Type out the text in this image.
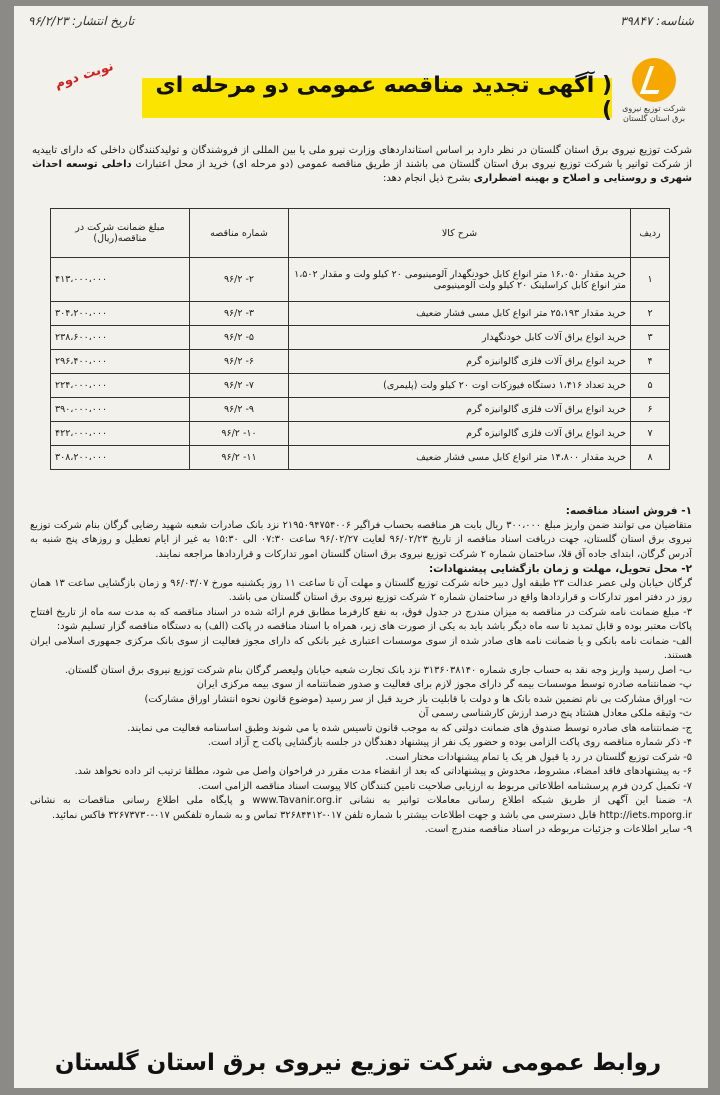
شناسه: ۳۹۸۴۷
تاریخ انتشار: ۹۶/۲/۲۳
شرکت توزیع نیروی برق استان گلستان
( آگهی تجدید مناقصه عمومی دو مرحله ای )
نوبت دوم
شرکت توزیع نیروی برق استان گلستان در نظر دارد بر اساس استانداردهای وزارت نیرو ملی یا بین المللی از فروشندگان و تولیدکنندگان داخلی که دارای تاییدیه از شرکت توانیر یا شرکت توزیع نیروی برق استان گلستان می باشند از طریق مناقصه عمومی (دو مرحله ای) خرید از محل اعتبارات داخلی توسعه احداث شهری و روستایی و اصلاح و بهینه اضطراری بشرح ذیل انجام دهد:
ردیف	شرح کالا	شماره مناقصه	مبلغ ضمانت شرکت در مناقصه(ریال)
۱	خرید مقدار ۱۶،۰۵۰ متر انواع کابل خودنگهدار آلومینیومی ۲۰ کیلو ولت و مقدار ۱،۵۰۲ متر انواع کابل کراسلینک ۲۰ کیلو ولت آلومینیومی	۲- ۹۶/۲	۴۱۳،۰۰۰،۰۰۰
۲	خرید مقدار ۲۵،۱۹۳ متر انواع کابل مسی فشار ضعیف	۳- ۹۶/۲	۳۰۴،۲۰۰،۰۰۰
۳	خرید انواع یراق آلات کابل خودنگهدار	۵- ۹۶/۲	۲۳۸،۶۰۰،۰۰۰
۴	خرید انواع یراق آلات فلزی گالوانیزه گرم	۶- ۹۶/۲	۲۹۶،۴۰۰،۰۰۰
۵	خرید تعداد ۱،۴۱۶ دستگاه فیوزکات اوت ۲۰ کیلو ولت (پلیمری)	۷- ۹۶/۲	۲۲۴،۰۰۰،۰۰۰
۶	خرید انواع یراق آلات فلزی گالوانیزه گرم	۹- ۹۶/۲	۳۹۰،۰۰۰،۰۰۰
۷	خرید انواع یراق آلات فلزی گالوانیزه گرم	۱۰- ۹۶/۲	۴۲۲،۰۰۰،۰۰۰
۸	خرید مقدار ۱۴،۸۰۰ متر انواع کابل مسی فشار ضعیف	۱۱- ۹۶/۲	۳۰۸،۲۰۰،۰۰۰

۱- فروش اسناد مناقصه:

متقاضیان می توانند ضمن واریز مبلغ ۳۰۰،۰۰۰ ریال بابت هر مناقصه بحساب فراگیر ۲۱۹۵۰۹۴۷۵۴۰۰۶ نزد بانک صادرات شعبه شهید رضایی گرگان بنام شرکت توزیع نیروی برق استان گلستان، جهت دریافت اسناد مناقصه از تاریخ ۹۶/۰۲/۲۳ لغایت ۹۶/۰۲/۲۷ ساعت ۰۷:۳۰ الی ۱۵:۳۰ به غیر از ایام تعطیل و روزهای پنج شنبه به آدرس گرگان، ابتدای جاده آق قلا، ساختمان شماره ۲ شرکت توزیع نیروی برق استان گلستان امور تدارکات و قراردادها مراجعه نمایند.

۲- محل تحویل، مهلت و زمان بازگشایی پیشنهادات:

گرگان خیابان ولی عصر عدالت ۲۳ طبقه اول دبیر خانه شرکت توزیع گلستان و مهلت آن تا ساعت ۱۱ روز یکشنبه مورخ ۹۶/۰۳/۰۷ و زمان بازگشایی ساعت ۱۳ همان روز در دفتر امور تدارکات و قراردادها واقع در ساختمان شماره ۲ شرکت توزیع نیروی برق استان گلستان می باشد.

۳- مبلغ ضمانت نامه شرکت در مناقصه به میزان مندرج در جدول فوق، به نفع کارفرما مطابق فرم ارائه شده در اسناد مناقصه که به مدت سه ماه از تاریخ افتتاح پاکات معتبر بوده و قابل تمدید تا سه ماه دیگر باشد باید به یکی از صورت های زیر، همراه با اسناد مناقصه در پاکت (الف) به دستگاه مناقصه گزار تسلیم شود:

الف- ضمانت نامه بانکی و یا ضمانت نامه های صادر شده از سوی موسسات اعتباری غیر بانکی که دارای مجوز فعالیت از سوی بانک مرکزی جمهوری اسلامی ایران هستند.

ب- اصل رسید واریز وجه نقد به حساب جاری شماره ۳۱۳۶۰۳۸۱۴۰ نزد بانک تجارت شعبه خیابان ولیعصر گرگان بنام شرکت توزیع نیروی برق استان گلستان.

پ- ضمانتنامه صادره توسط موسسات بیمه گر دارای مجوز لازم برای فعالیت و صدور ضمانتنامه از سوی بیمه مرکزی ایران

ت- اوراق مشارکت بی نام تضمین شده بانک ها و دولت با قابلیت باز خرید قبل از سر رسید (موضوع قانون نحوه انتشار اوراق مشارکت)

ث- وثیقه ملکی معادل هشتاد پنج درصد ارزش کارشناسی رسمی آن

ج- ضمانتنامه های صادره توسط صندوق های ضمانت دولتی که به موجب قانون تاسیس شده یا می شوند وطبق اساسنامه فعالیت می نمایند.

۴- ذکر شماره مناقصه روی پاکت الزامی بوده و حضور یک نفر از پیشنهاد دهندگان در جلسه بازگشایی پاکت ح آزاد است.

۵- شرکت توزیع گلستان در رد یا قبول هر یک یا تمام پیشنهادات مختار است.

۶- به پیشنهادهای فاقد امضاء، مشروط، مخدوش و پیشنهاداتی که بعد از انقضاء مدت مقرر در فراخوان واصل می شود، مطلقا ترتیب اثر داده نخواهد شد.

۷- تکمیل کردن فرم پرسشنامه اطلاعاتی مربوط به ارزیابی صلاحیت تامین کنندگان کالا پیوست اسناد مناقصه الزامی است.

۸- ضمنا این آگهی از طریق شبکه اطلاع رسانی معاملات توانیر به نشانی www.Tavanir.org.ir و پایگاه ملی اطلاع رسانی مناقصات به نشانی http://iets.mporg.ir قابل دسترسی می باشد و جهت اطلاعات بیشتر با شماره تلفن ۰۱۷-۳۲۶۸۴۴۱۲ تماس و به شماره تلفکس ۰۱۷-۳۲۶۷۳۷۳۰ فاکس نمائید.

۹- سایر اطلاعات و جزئیات مربوطه در اسناد مناقصه مندرج است.

روابط عمومی شرکت توزیع نیروی برق استان گلستان
